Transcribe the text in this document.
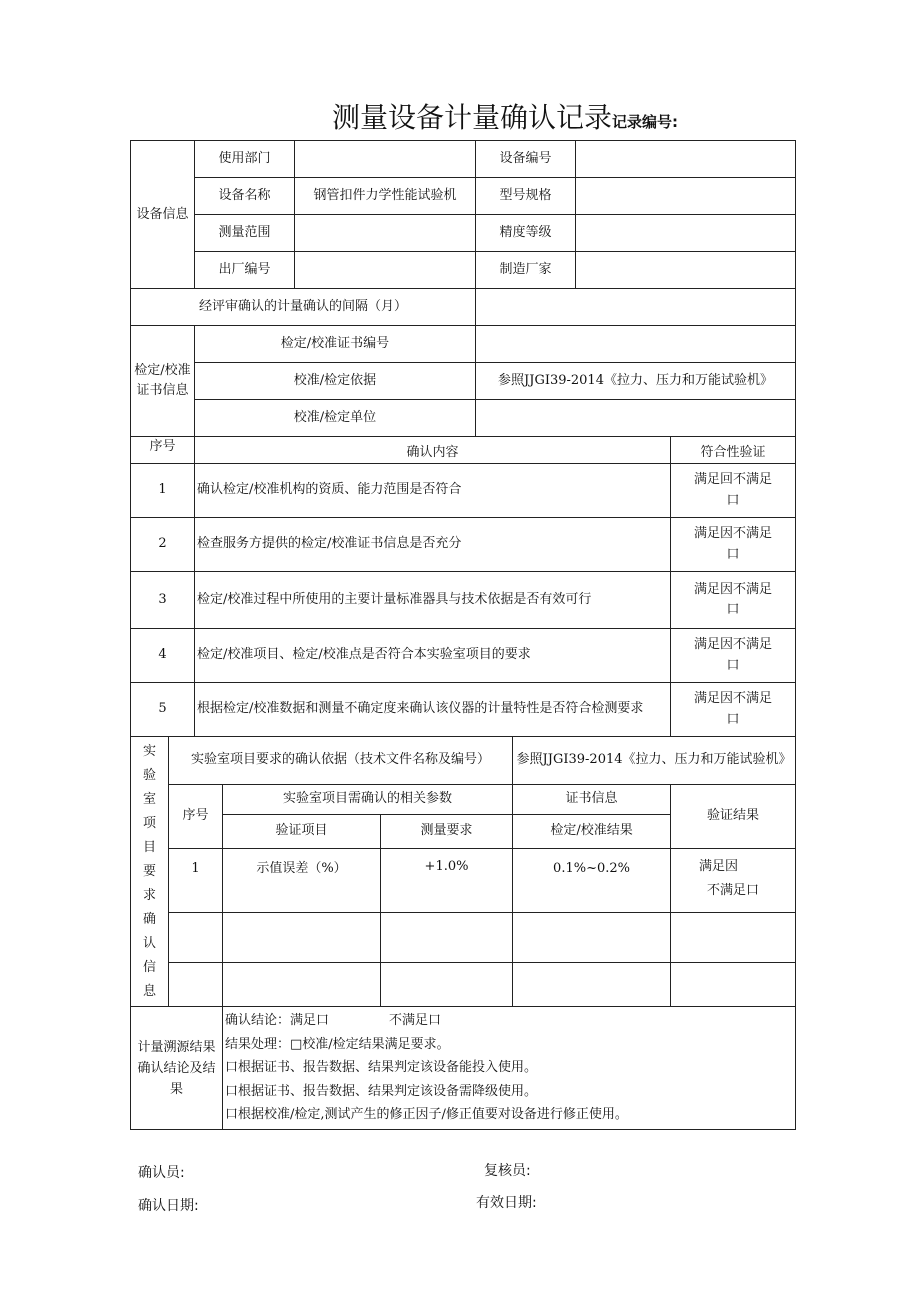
测量设备计量确认记录记录编号:
设备信息	使用部门		设备编号	
	设备名称	钢管扣件力学性能试验机	型号规格	
	测量范围		精度等级	
	出厂编号		制造厂家	
经评审确认的计量确认的间隔（月）				
检定/校准证书信息	检定/校准证书编号			
	校准/检定依据		参照JJGI39-2014《拉力、压力和万能试验机》	
	校准/检定单位			
序号	确认内容	符合性验证
1	确认检定/校准机构的资质、能力范围是否符合	满足回不满足
口

2	检查服务方提供的检定/校准证书信息是否充分	满足因不满足
口

3	检定/校准过程中所使用的主要计量标准器具与技术依据是否有效可行	满足因不满足
口

4	检定/校准项目、检定/校准点是否符合本实验室项目的要求	满足因不满足
口

5	根据检定/校准数据和测量不确定度来确认该仪器的计量特性是否符合检测要求	满足因不满足
口
实验室项目要求确认信息	实验室项目要求的确认依据（技术文件名称及编号）			参照JJGI39-2014《拉力、压力和万能试验机》	
	序号	实验室项目需确认的相关参数		证书信息	验证结果
		验证项目	测量要求	检定/校准结果	
	1	示值误差（%）	+1.0%	0.1%~0.2%	满足因
不满足口

计量溯源结果确认结论及结果	
确认结论：满足口	不满足口
结果处理：□校准/检定结果满足要求。
口根据证书、报告数据、结果判定该设备能投入使用。
口根据证书、报告数据、结果判定该设备需降级使用。
口根据校准/检定,测试产生的修正因子/修正值要对设备进行修正使用。
确认员:	复核员:
确认日期:	有效日期:
